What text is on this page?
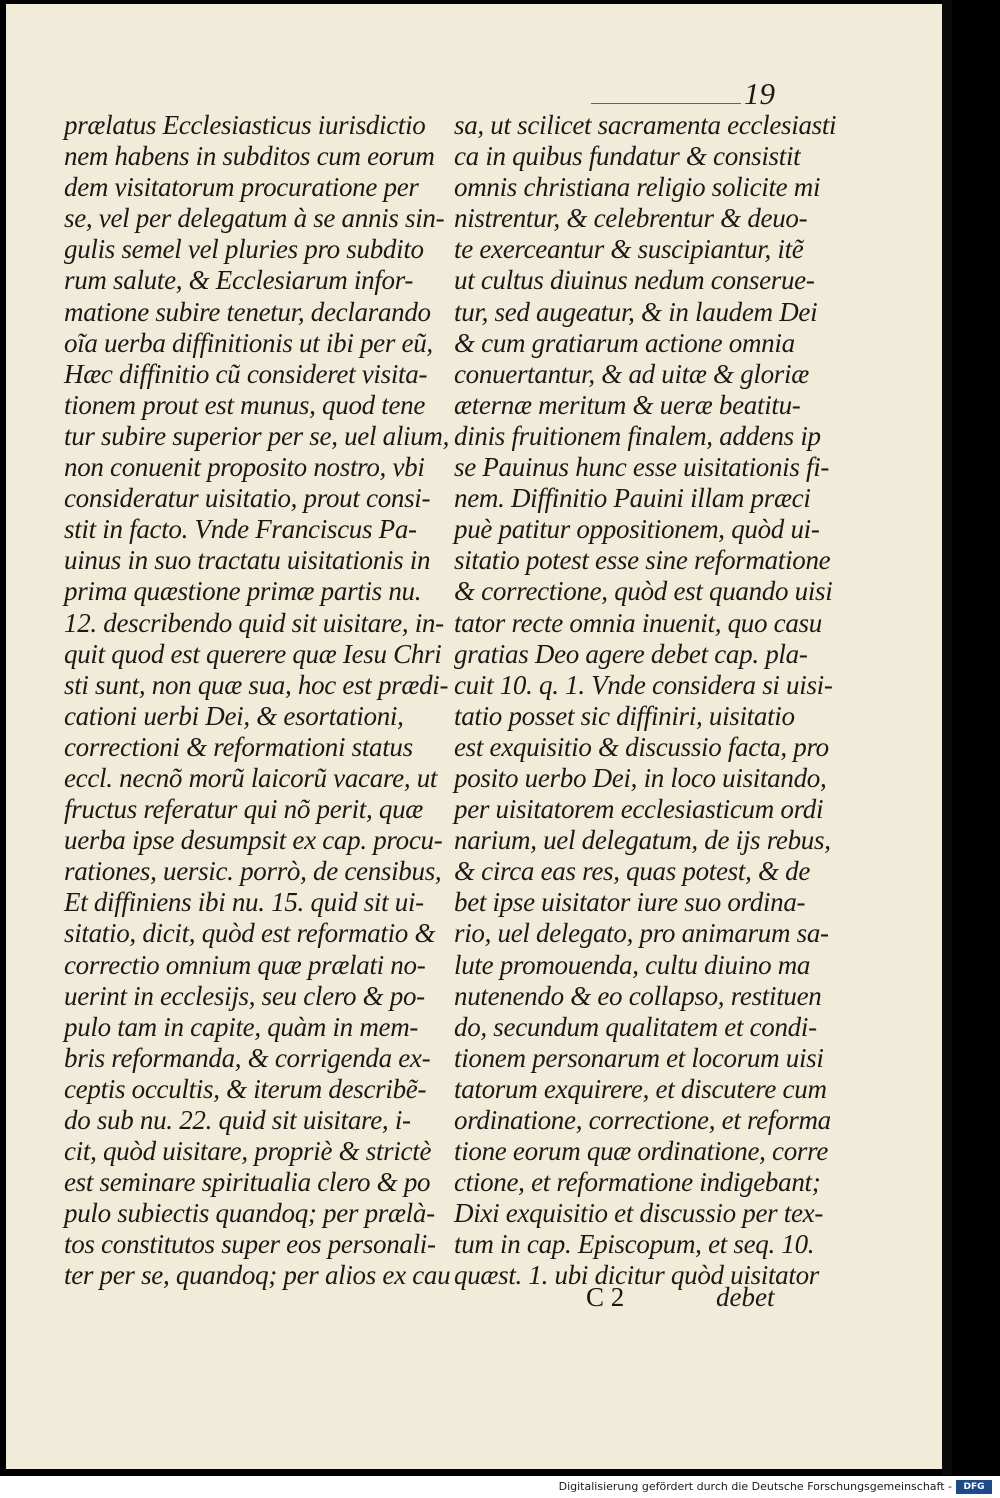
19
prælatus Ecclesiasticus iurisdictio
nem habens in subditos cum eorum
dem visitatorum procuratione per
se, vel per delegatum à se annis sin-
gulis semel vel pluries pro subdito
rum salute, & Ecclesiarum infor-
matione subire tenetur, declarando
oĩa uerba diffinitionis ut ibi per eũ,
Hæc diffinitio cũ consideret visita-
tionem prout est munus, quod tene
tur subire superior per se, uel alium,
non conuenit proposito nostro, vbi
consideratur uisitatio, prout consi-
stit in facto. Vnde Franciscus Pa-
uinus in suo tractatu uisitationis in
prima quæstione primæ partis nu.
12. describendo quid sit uisitare, in-
quit quod est querere quæ Iesu Chri
sti sunt, non quæ sua, hoc est prædi-
cationi uerbi Dei, & esortationi,
correctioni & reformationi status
eccl. necnõ morũ laicorũ vacare, ut
fructus referatur qui nõ perit, quæ
uerba ipse desumpsit ex cap. procu-
rationes, uersic. porrò, de censibus,
Et diffiniens ibi nu. 15. quid sit ui-
sitatio, dicit, quòd est reformatio &
correctio omnium quæ prælati no-
uerint in ecclesijs, seu clero & po-
pulo tam in capite, quàm in mem-
bris reformanda, & corrigenda ex-
ceptis occultis, & iterum describẽ-
do sub nu. 22. quid sit uisitare, i-
cit, quòd uisitare, propriè & strictè
est seminare spiritualia clero & po
pulo subiectis quandoq; per prælà-
tos constitutos super eos personali-
ter per se, quandoq; per alios ex cau
sa, ut scilicet sacramenta ecclesiasti
ca in quibus fundatur & consistit
omnis christiana religio solicite mi
nistrentur, & celebrentur & deuo-
te exerceantur & suscipiantur, itẽ
ut cultus diuinus nedum conserue-
tur, sed augeatur, & in laudem Dei
& cum gratiarum actione omnia
conuertantur, & ad uitæ & gloriæ
æternæ meritum & ueræ beatitu-
dinis fruitionem finalem, addens ip
se Pauinus hunc esse uisitationis fi-
nem. Diffinitio Pauini illam præci
puè patitur oppositionem, quòd ui-
sitatio potest esse sine reformatione
& correctione, quòd est quando uisi
tator recte omnia inuenit, quo casu
gratias Deo agere debet cap. pla-
cuit 10. q. 1. Vnde considera si uisi-
tatio posset sic diffiniri, uisitatio
est exquisitio & discussio facta, pro
posito uerbo Dei, in loco uisitando,
per uisitatorem ecclesiasticum ordi
narium, uel delegatum, de ijs rebus,
& circa eas res, quas potest, & de
bet ipse uisitator iure suo ordina-
rio, uel delegato, pro animarum sa-
lute promouenda, cultu diuino ma
nutenendo & eo collapso, restituen
do, secundum qualitatem et condi-
tionem personarum et locorum uisi
tatorum exquirere, et discutere cum
ordinatione, correctione, et reforma
tione eorum quæ ordinatione, corre
ctione, et reformatione indigebant;
Dixi exquisitio et discussio per tex-
tum in cap. Episcopum, et seq. 10.
quæst. 1. ubi dicitur quòd uisitator
debet
C 2
Digitalisierung gefördert durch die Deutsche Forschungsgemeinschaft -	DFG
